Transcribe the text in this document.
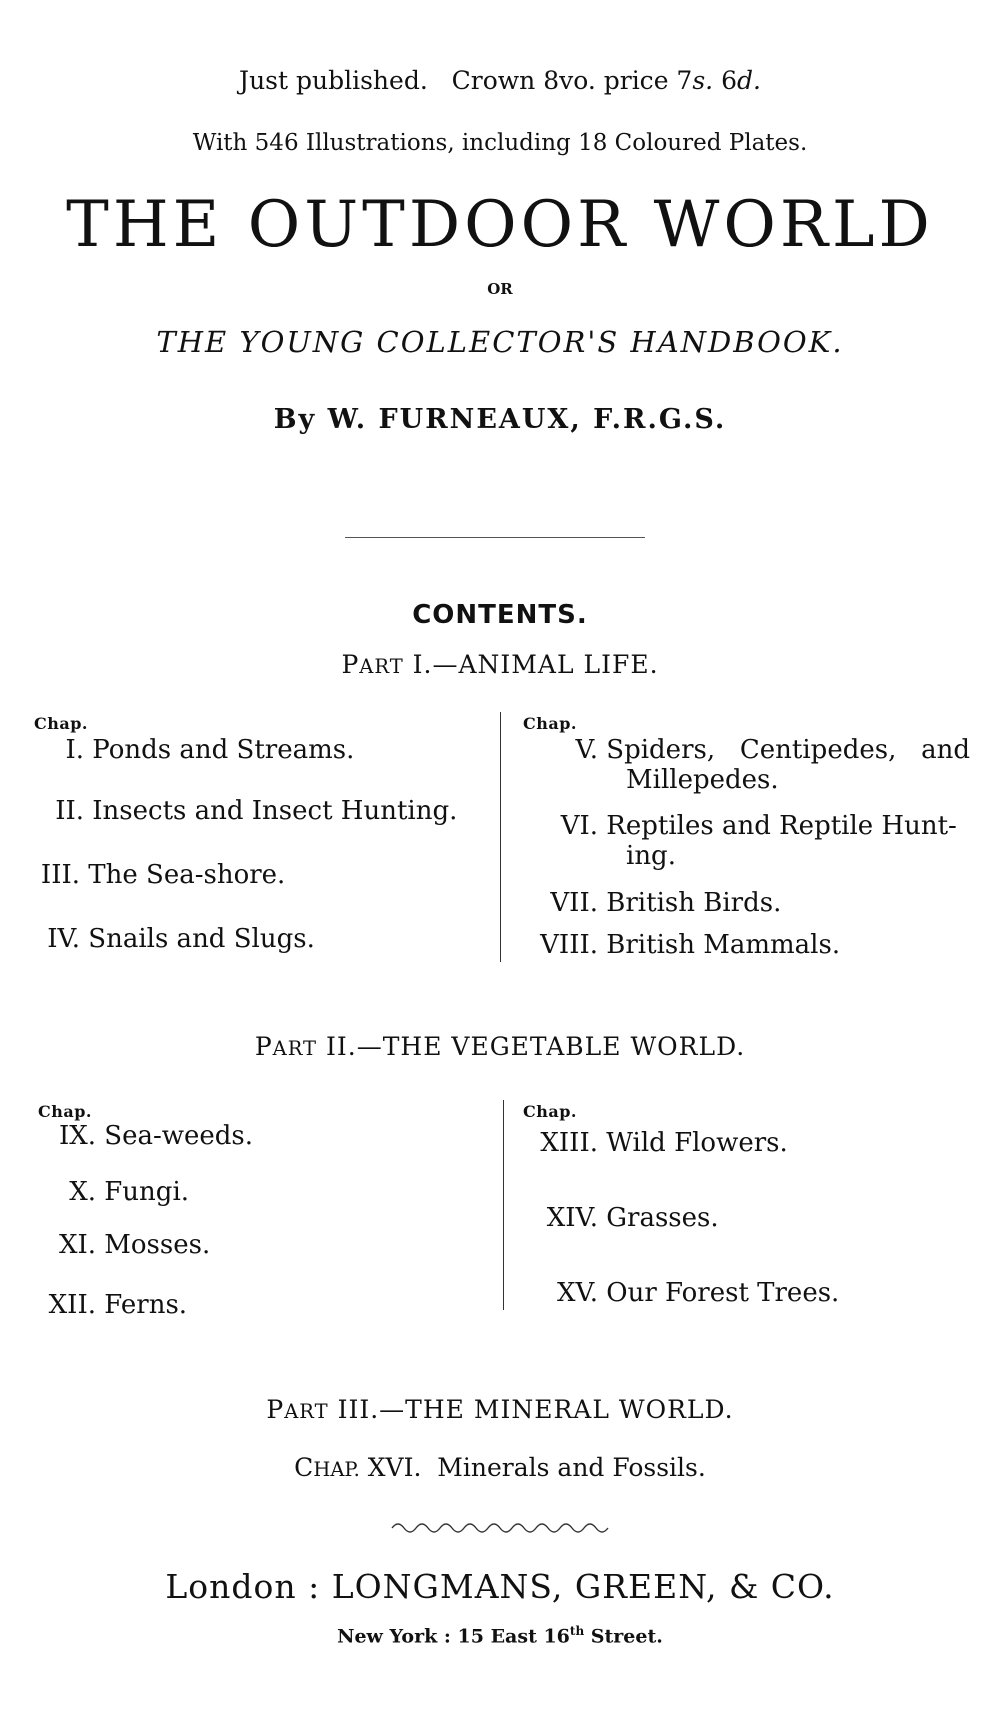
Just published. Crown 8vo. price 7s. 6d.
With 546 Illustrations, including 18 Coloured Plates.
THE OUTDOOR WORLD
OR
THE YOUNG COLLECTOR'S HANDBOOK.
By W. FURNEAUX, F.R.G.S.
CONTENTS.
PART I.—ANIMAL LIFE.
Chap.	Chap.
I. Ponds and Streams.
II. Insects and Insect Hunting.
III. The Sea-shore.
IV. Snails and Slugs.
V. Spiders,   Centipedes,   and
Millepedes.
VI. Reptiles and Reptile Hunt-
ing.
VII. British Birds.
VIII. British Mammals.
PART II.—THE VEGETABLE WORLD.
Chap.	Chap.
IX. Sea-weeds.
X. Fungi.
XI. Mosses.
XII. Ferns.
XIII. Wild Flowers.
XIV. Grasses.
XV. Our Forest Trees.
PART III.—THE MINERAL WORLD.
CHAP. XVI.  Minerals and Fossils.
London : LONGMANS, GREEN, & CO.
New York : 15 East 16th Street.
